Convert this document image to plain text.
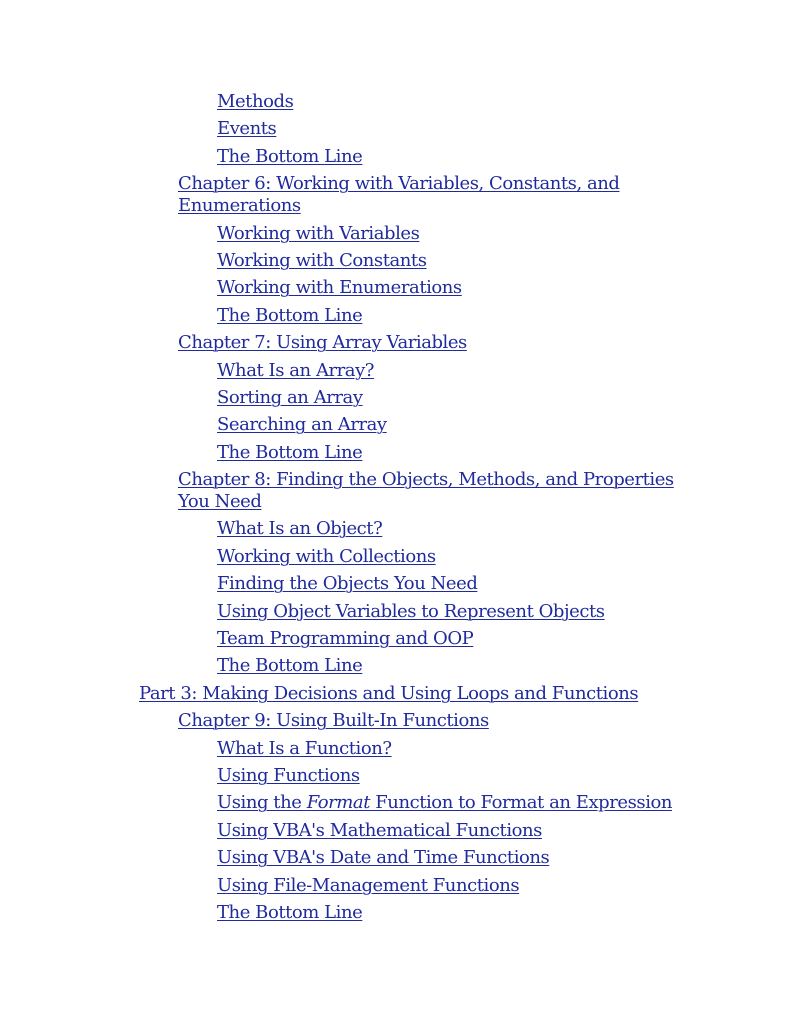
Methods
Events
The Bottom Line
Chapter 6: Working with Variables, Constants, and
Enumerations
Working with Variables
Working with Constants
Working with Enumerations
The Bottom Line
Chapter 7: Using Array Variables
What Is an Array?
Sorting an Array
Searching an Array
The Bottom Line
Chapter 8: Finding the Objects, Methods, and Properties
You Need
What Is an Object?
Working with Collections
Finding the Objects You Need
Using Object Variables to Represent Objects
Team Programming and OOP
The Bottom Line
Part 3: Making Decisions and Using Loops and Functions
Chapter 9: Using Built-In Functions
What Is a Function?
Using Functions
Using the Format Function to Format an Expression
Using VBA's Mathematical Functions
Using VBA's Date and Time Functions
Using File-Management Functions
The Bottom Line
